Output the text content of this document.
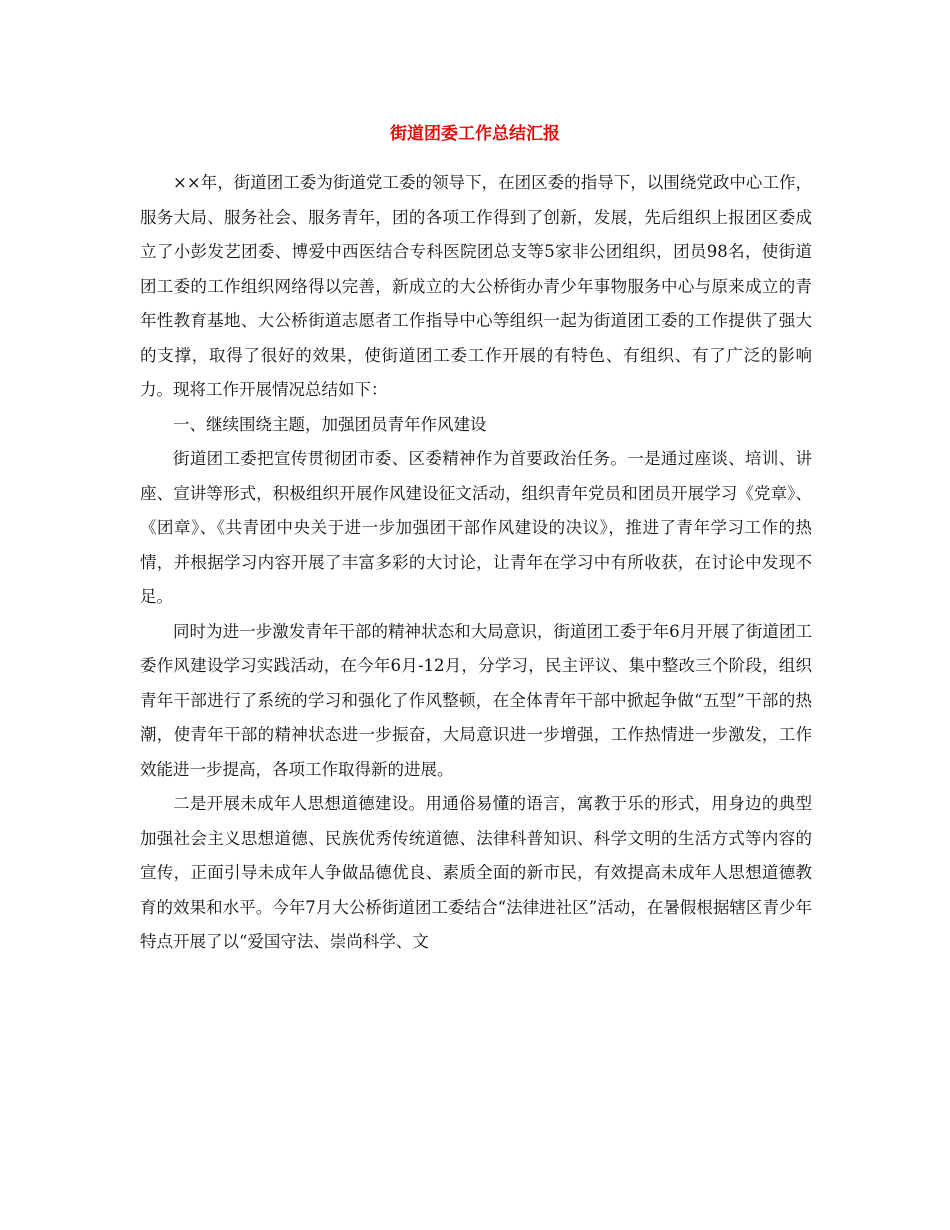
街道团委工作总结汇报

××年，街道团工委为街道党工委的领导下，在团区委的指导下，以围绕党政中心工作，服务大局、服务社会、服务青年，团的各项工作得到了创新，发展，先后组织上报团区委成立了小彭发艺团委、博爱中西医结合专科医院团总支等5家非公团组织，团员98名，使街道团工委的工作组织网络得以完善，新成立的大公桥街办青少年事物服务中心与原来成立的青年性教育基地、大公桥街道志愿者工作指导中心等组织一起为街道团工委的工作提供了强大的支撑，取得了很好的效果，使街道团工委工作开展的有特色、有组织、有了广泛的影响力。现将工作开展情况总结如下：

一、继续围绕主题，加强团员青年作风建设

街道团工委把宣传贯彻团市委、区委精神作为首要政治任务。一是通过座谈、培训、讲座、宣讲等形式，积极组织开展作风建设征文活动，组织青年党员和团员开展学习《党章》、《团章》、《共青团中央关于进一步加强团干部作风建设的决议》，推进了青年学习工作的热情，并根据学习内容开展了丰富多彩的大讨论，让青年在学习中有所收获，在讨论中发现不足。

同时为进一步激发青年干部的精神状态和大局意识，街道团工委于年6月开展了街道团工委作风建设学习实践活动，在今年6月-12月，分学习，民主评议、集中整改三个阶段，组织青年干部进行了系统的学习和强化了作风整顿，在全体青年干部中掀起争做“五型”干部的热潮，使青年干部的精神状态进一步振奋，大局意识进一步增强，工作热情进一步激发，工作效能进一步提高，各项工作取得新的进展。

二是开展未成年人思想道德建设。用通俗易懂的语言，寓教于乐的形式，用身边的典型加强社会主义思想道德、民族优秀传统道德、法律科普知识、科学文明的生活方式等内容的宣传，正面引导未成年人争做品德优良、素质全面的新市民，有效提高未成年人思想道德教育的效果和水平。今年7月大公桥街道团工委结合“法律进社区”活动，在暑假根据辖区青少年特点开展了以“爱国守法、崇尚科学、文
